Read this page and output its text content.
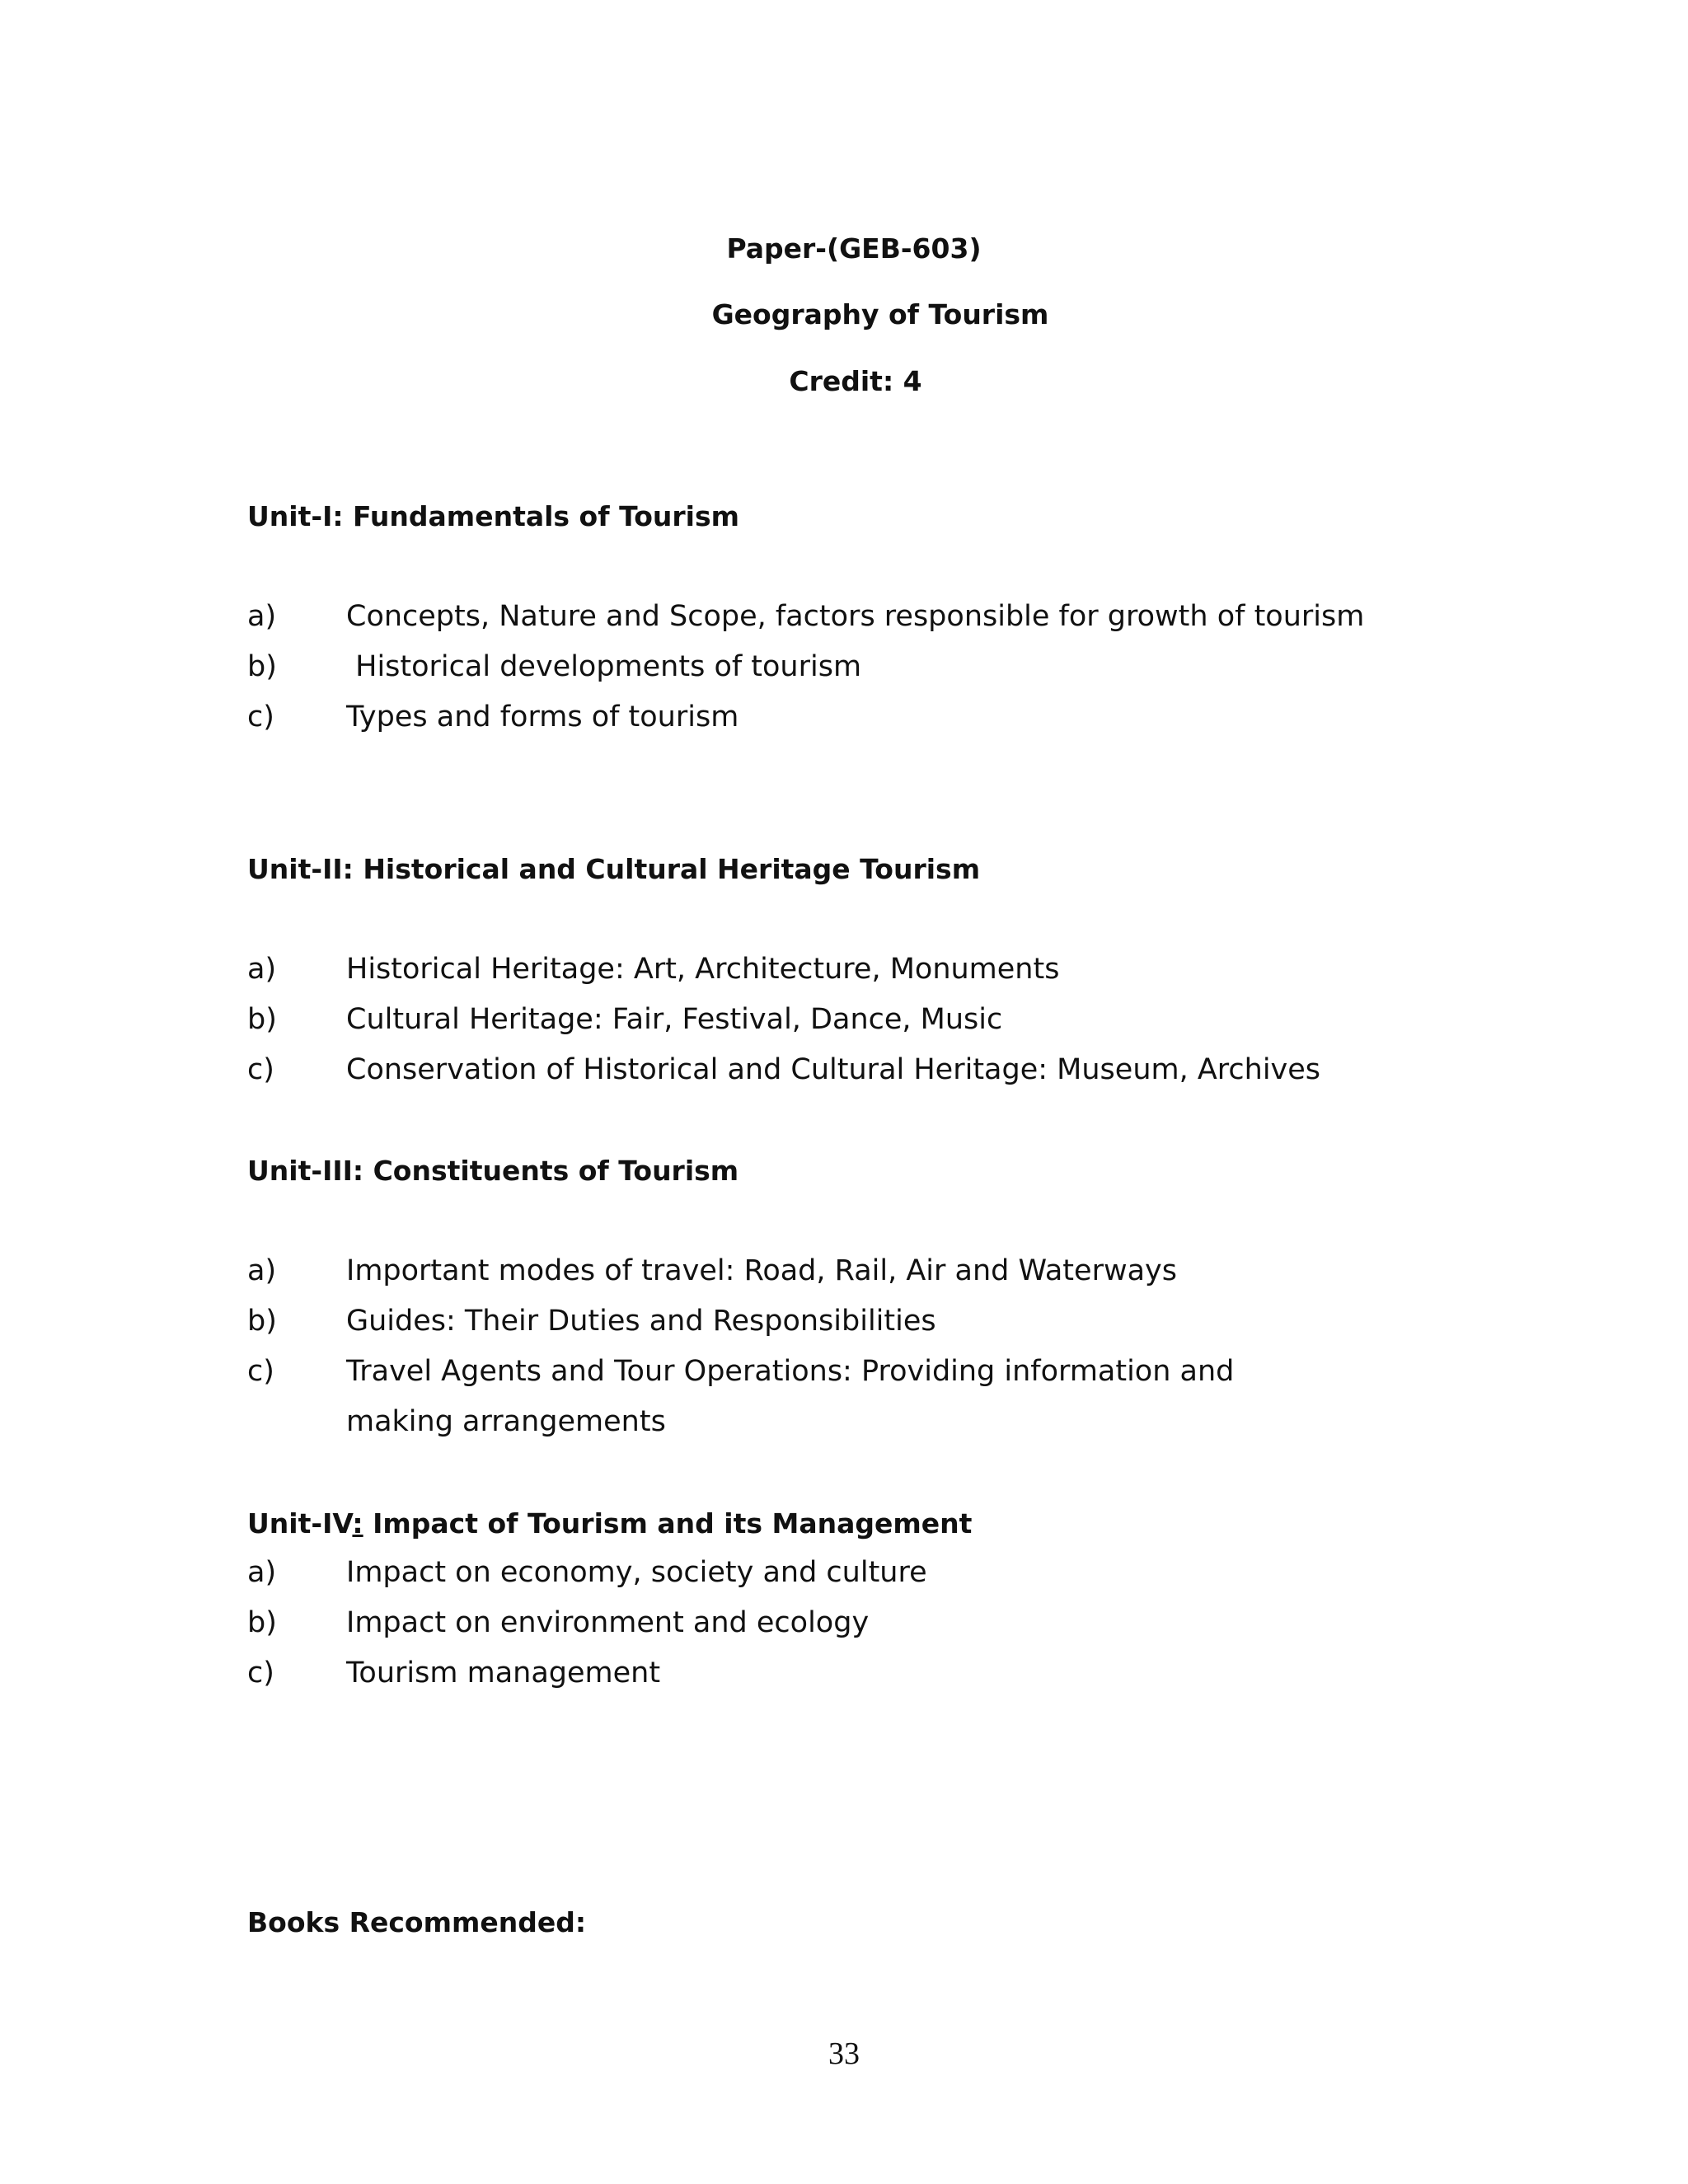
Paper-(GEB-603)
Geography of Tourism
Credit: 4
Unit-I: Fundamentals of Tourism
a) Concepts, Nature and Scope, factors responsible for growth of tourism
b) Historical developments of tourism
c) Types and forms of tourism
Unit-II: Historical and Cultural Heritage Tourism
a) Historical Heritage: Art, Architecture, Monuments
b) Cultural Heritage: Fair, Festival, Dance, Music
c) Conservation of Historical and Cultural Heritage: Museum, Archives
Unit-III: Constituents of Tourism
a) Important modes of travel: Road, Rail, Air and Waterways
b) Guides: Their Duties and Responsibilities
c) Travel Agents and Tour Operations: Providing information and making arrangements
Unit-IV: Impact of Tourism and its Management
a) Impact on economy, society and culture
b) Impact on environment and ecology
c) Tourism management
Books Recommended:
33
